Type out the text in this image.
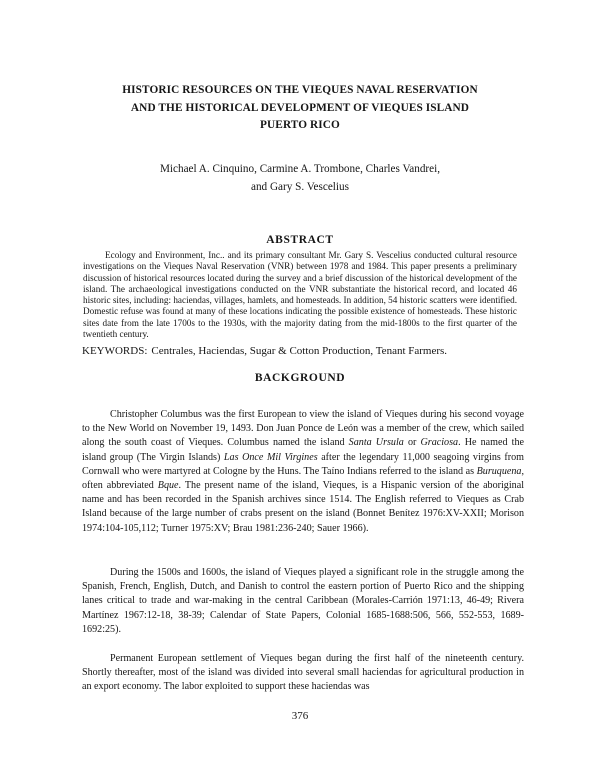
HISTORIC RESOURCES ON THE VIEQUES NAVAL RESERVATION
AND THE HISTORICAL DEVELOPMENT OF VIEQUES ISLAND
PUERTO RICO
Michael A. Cinquino, Carmine A. Trombone, Charles Vandrei,
and Gary S. Vescelius
ABSTRACT

Ecology and Environment, Inc.. and its primary consultant Mr. Gary S. Vescelius conducted cultural resource investigations on the Vieques Naval Reservation (VNR) between 1978 and 1984. This paper presents a preliminary discussion of historical resources located during the survey and a brief discussion of the historical development of the island. The archaeological investigations conducted on the VNR substantiate the historical record, and located 46 historic sites, including: haciendas, villages, hamlets, and homesteads. In addition, 54 historic scatters were identified. Domestic refuse was found at many of these locations indicating the possible existence of homesteads. These historic sites date from the late 1700s to the 1930s, with the majority dating from the mid-1800s to the first quarter of the twentieth century.

KEYWORDS: Centrales, Haciendas, Sugar & Cotton Production, Tenant Farmers.

BACKGROUND

Christopher Columbus was the first European to view the island of Vieques during his second voyage to the New World on November 19, 1493. Don Juan Ponce de León was a member of the crew, which sailed along the south coast of Vieques. Columbus named the island Santa Ursula or Graciosa. He named the island group (The Virgin Islands) Las Once Mil Virgines after the legendary 11,000 seagoing virgins from Cornwall who were martyred at Cologne by the Huns. The Taíno Indians referred to the island as Buruquena, often abbreviated Bque. The present name of the island, Vieques, is a Hispanic version of the aboriginal name and has been recorded in the Spanish archives since 1514. The English referred to Vieques as Crab Island because of the large number of crabs present on the island (Bonnet Benítez 1976:XV-XXII; Morison 1974:104-105,112; Turner 1975:XV; Brau 1981:236-240; Sauer 1966).

During the 1500s and 1600s, the island of Vieques played a significant role in the struggle among the Spanish, French, English, Dutch, and Danish to control the eastern portion of Puerto Rico and the shipping lanes critical to trade and war-making in the central Caribbean (Morales-Carrión 1971:13, 46-49; Rivera Martínez 1967:12-18, 38-39; Calendar of State Papers, Colonial 1685-1688:506, 566, 552-553, 1689-1692:25).

Permanent European settlement of Vieques began during the first half of the nineteenth century. Shortly thereafter, most of the island was divided into several small haciendas for agricultural production in an export economy. The labor exploited to support these haciendas was

376
